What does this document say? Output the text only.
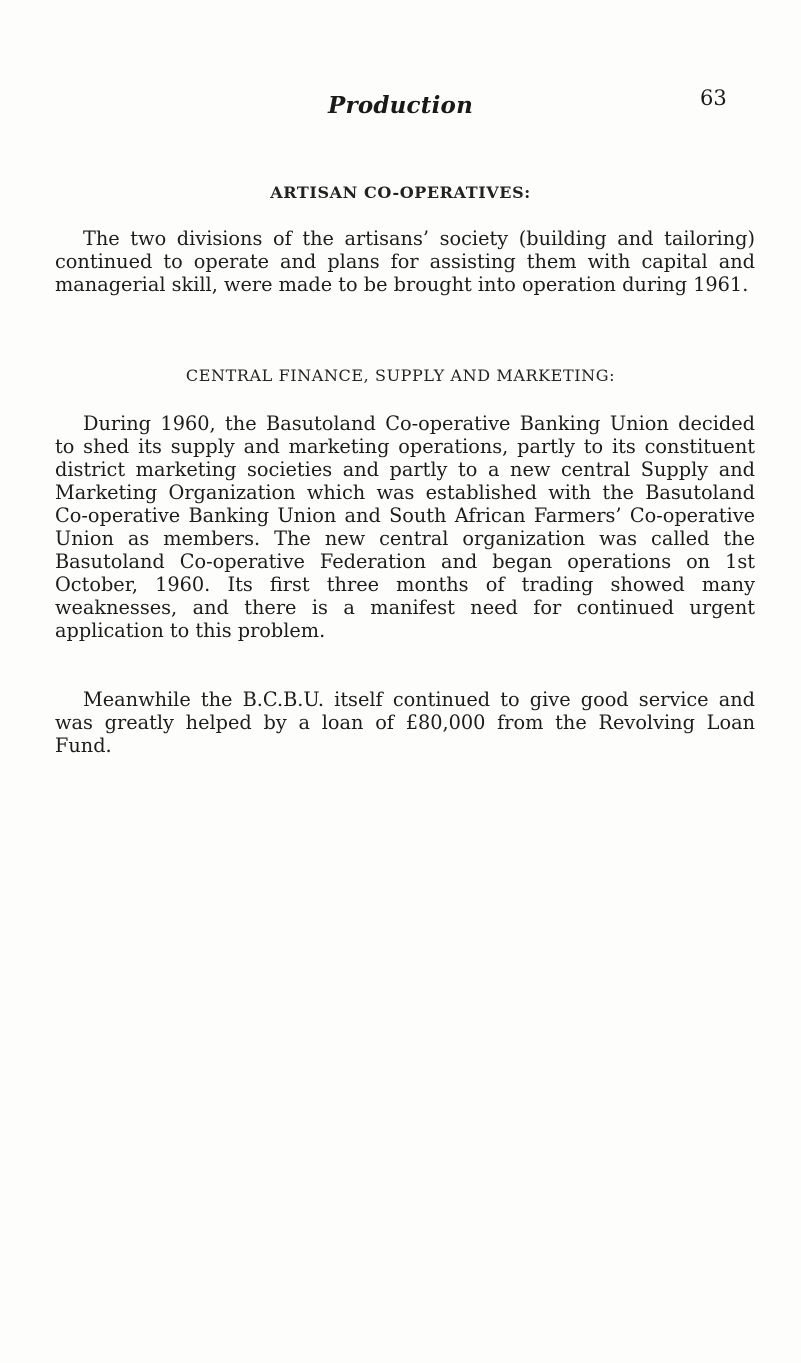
Production	63
ARTISAN CO-OPERATIVES:

The two divisions of the artisans’ society (building and tailoring) continued to operate and plans for assisting them with capital and managerial skill, were made to be brought into operation during 1961.

CENTRAL FINANCE, SUPPLY AND MARKETING:

During 1960, the Basutoland Co-operative Banking Union decided to shed its supply and marketing operations, partly to its constituent district marketing societies and partly to a new central Supply and Marketing Organization which was established with the Basutoland Co-operative Banking Union and South African Farmers’ Co-operative Union as members. The new central organization was called the Basutoland Co-operative Federation and began operations on 1st October, 1960. Its first three months of trading showed many weaknesses, and there is a manifest need for continued urgent application to this problem.

Meanwhile the B.C.B.U. itself continued to give good service and was greatly helped by a loan of £80,000 from the Revolving Loan Fund.
